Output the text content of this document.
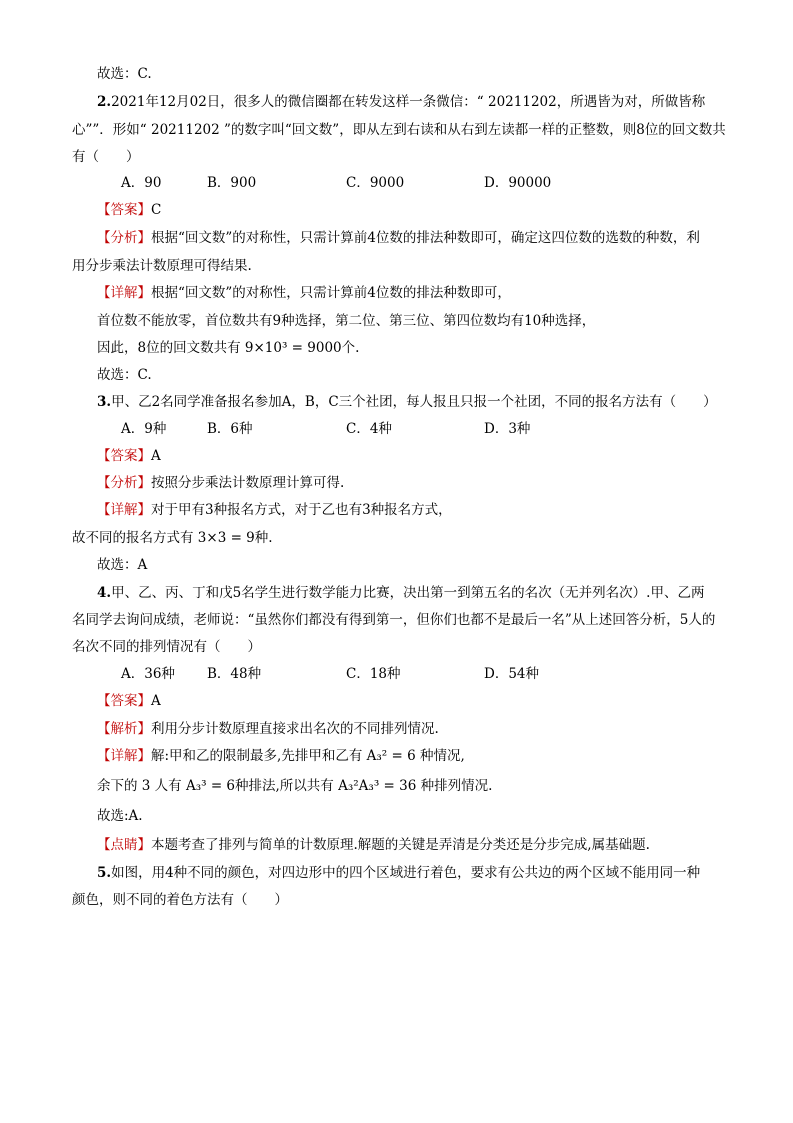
故选：C.
2.2021年12月02日，很多人的微信圈都在转发这样一条微信：“ 20211202，所遇皆为对，所做皆称
心””．形如“ 20211202 ”的数字叫“回文数”，即从左到右读和从右到左读都一样的正整数，则8位的回文数共
有（　　）
A．90	B．900	C．9000	D．90000
【答案】C
【分析】根据“回文数”的对称性，只需计算前4位数的排法种数即可，确定这四位数的选数的种数，利
用分步乘法计数原理可得结果.
【详解】根据“回文数”的对称性，只需计算前4位数的排法种数即可，
首位数不能放零，首位数共有9种选择，第二位、第三位、第四位数均有10种选择，
因此，8位的回文数共有 9×10³ = 9000个.
故选：C.
3.甲、乙2名同学准备报名参加A，B，C三个社团，每人报且只报一个社团，不同的报名方法有（　　）
A．9种	B．6种	C．4种	D．3种
【答案】A
【分析】按照分步乘法计数原理计算可得.
【详解】对于甲有3种报名方式，对于乙也有3种报名方式，
故不同的报名方式有 3×3 = 9种.
故选：A
4.甲、乙、丙、丁和戊5名学生进行数学能力比赛，决出第一到第五名的名次（无并列名次）.甲、乙两
名同学去询问成绩，老师说：“虽然你们都没有得到第一，但你们也都不是最后一名”从上述回答分析，5人的
名次不同的排列情况有（　　）
A．36种 B．48种	C．18种	D．54种
【答案】A
【解析】利用分步计数原理直接求出名次的不同排列情况.
【详解】解:甲和乙的限制最多,先排甲和乙有 A₃² = 6 种情况,
余下的 3 人有 A₃³ = 6种排法,所以共有 A₃²A₃³ = 36 种排列情况.
故选:A.
【点睛】本题考查了排列与简单的计数原理.解题的关键是弄清是分类还是分步完成,属基础题.
5.如图，用4种不同的颜色，对四边形中的四个区域进行着色，要求有公共边的两个区域不能用同一种
颜色，则不同的着色方法有（　　）
